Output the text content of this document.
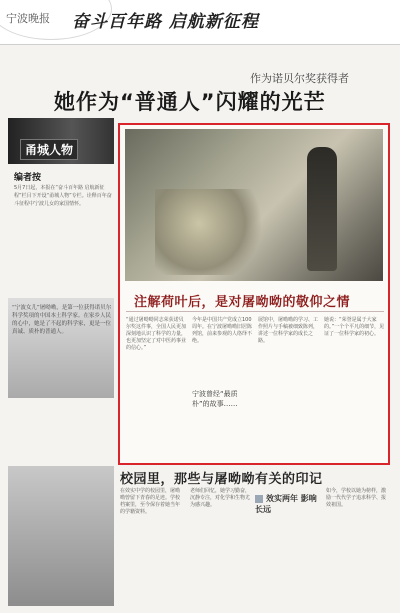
宁波晚报 奋斗百年路 启航新征程
作为诺贝尔奖获得者
她作为“普通人”闪耀的光芒
甬城人物
编者按
5月7日起，本报在“奋斗百年路 启航新征程”栏目下开设“甬城人物”专栏。诠释百年奋斗征程中宁波儿女的家国情怀。
“宁波女儿”屠呦呦，是第一位获得诺贝尔科学奖项的中国本土科学家。在家乡人民的心中，她是了不起的科学家，更是一位真诚、质朴的普通人。
注解荷叶后，是对屠呦呦的敬仰之情
“通过屠呦呦同志荣获诺贝尔奖这件事，全国人民更加深刻地认识了科学的力量，也更加坚定了对中医药事业的信心。”
今年是中国共产党成立100周年。在宁波屠呦呦旧居陈列馆，前来参观的人络绎不绝。
宁波曾经“最质朴”的故事……
展馆中，屠呦呦的学习、工作照片与手稿被细致陈列，讲述一位科学家的成长之路。
她说：“荣誉是属于大家的。”一个个平凡的细节，见证了一位科学家的初心。
校园里，那些与屠呦呦有关的印记
在效实中学的校园里，屠呦呦曾留下青春的足迹。学校档案里，至今保存着她当年的学籍资料。
老师们回忆，她学习勤奋，沉静专注，对化学和生物尤为感兴趣。
效实两年 影响长远
如今，学校以她为榜样，激励一代代学子追求科学、报效祖国。
